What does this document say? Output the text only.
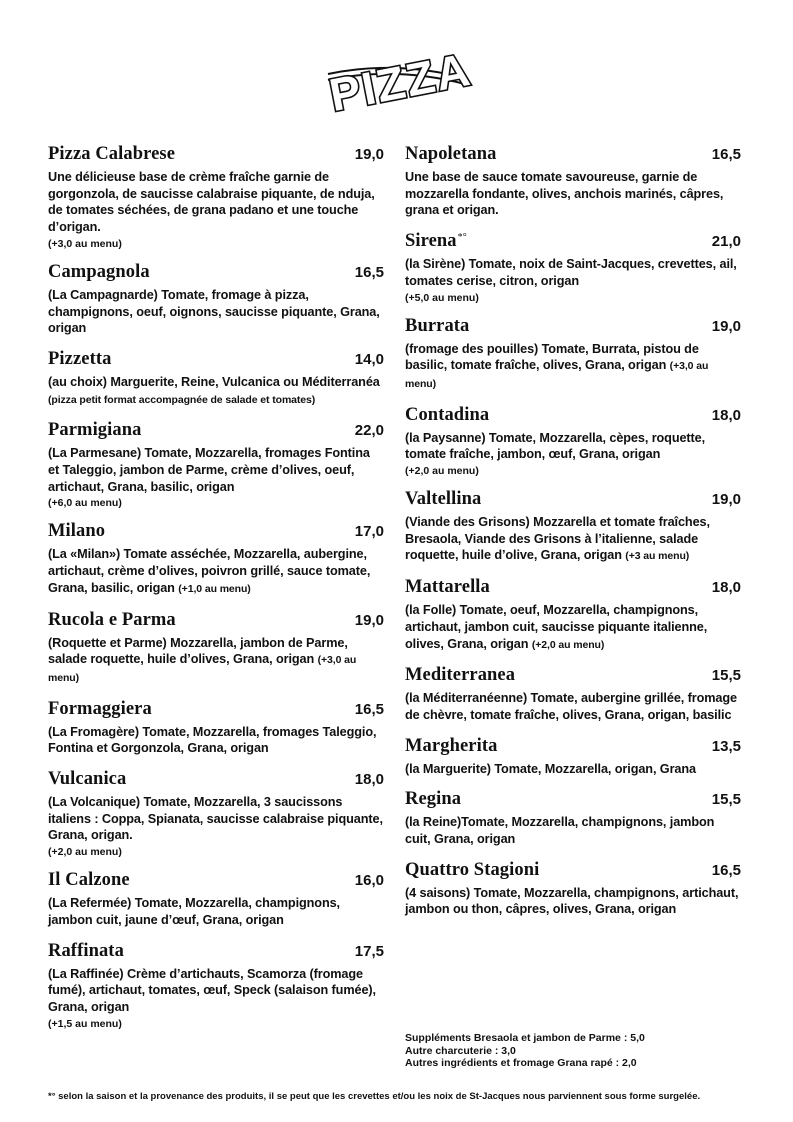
PIZZA
Pizza Calabrese	19,0
Une délicieuse base de crème fraîche garnie de gorgonzola, de saucisse calabraise piquante, de nduja, de tomates séchées, de grana padano et une touche d’origan.
(+3,0 au menu)
Campagnola	16,5
(La Campagnarde) Tomate, fromage à pizza, champignons, oeuf, oignons, saucisse piquante, Grana, origan
Pizzetta	14,0
(au choix) Marguerite, Reine, Vulcanica ou Méditerranéa (pizza petit format accompagnée de salade et tomates)
Parmigiana	22,0
(La Parmesane) Tomate, Mozzarella, fromages Fontina et Taleggio, jambon de Parme, crème d’olives, oeuf, artichaut, Grana, basilic, origan
(+6,0 au menu)
Milano	17,0
(La «Milan») Tomate asséchée, Mozzarella, aubergine, artichaut, crème d’olives, poivron grillé, sauce tomate, Grana, basilic, origan (+1,0 au menu)
Rucola e Parma	19,0
(Roquette et Parme) Mozzarella, jambon de Parme, salade roquette, huile d’olives, Grana, origan (+3,0 au menu)
Formaggiera	16,5
(La Fromagère) Tomate, Mozzarella, fromages Taleggio, Fontina et Gorgonzola, Grana, origan
Vulcanica	18,0
(La Volcanique) Tomate, Mozzarella, 3 saucissons italiens : Coppa, Spianata, saucisse calabraise piquante, Grana, origan.
(+2,0 au menu)
Il Calzone	16,0
(La Refermée) Tomate, Mozzarella, champignons, jambon cuit, jaune d’œuf, Grana, origan
Raffinata	17,5
(La Raffinée) Crème d’artichauts, Scamorza (fromage fumé), artichaut, tomates, œuf, Speck (salaison fumée), Grana, origan
(+1,5 au menu)
Napoletana	16,5
Une base de sauce tomate savoureuse, garnie de mozzarella fondante, olives, anchois marinés, câpres, grana et origan.
Sirena*°	21,0
(la Sirène) Tomate, noix de Saint-Jacques, crevettes, ail, tomates cerise, citron, origan
(+5,0 au menu)
Burrata	19,0
(fromage des pouilles) Tomate, Burrata, pistou de basilic, tomate fraîche, olives, Grana, origan (+3,0 au menu)
Contadina	18,0
(la Paysanne) Tomate, Mozzarella, cèpes, roquette, tomate fraîche, jambon, œuf, Grana, origan
(+2,0 au menu)
Valtellina	19,0
(Viande des Grisons) Mozzarella et tomate fraîches, Bresaola, Viande des Grisons à l’italienne, salade roquette, huile d’olive, Grana, origan (+3 au menu)
Mattarella	18,0
(la Folle) Tomate, oeuf, Mozzarella, champignons, artichaut, jambon cuit, saucisse piquante italienne, olives, Grana, origan (+2,0 au menu)
Mediterranea	15,5
(la Méditerranéenne) Tomate, aubergine grillée, fromage de chèvre, tomate fraîche, olives, Grana, origan, basilic
Margherita	13,5
(la Marguerite) Tomate, Mozzarella, origan, Grana
Regina	15,5
(la Reine)Tomate, Mozzarella, champignons, jambon cuit, Grana, origan
Quattro Stagioni	16,5
(4 saisons) Tomate, Mozzarella, champignons, artichaut, jambon ou thon, câpres, olives, Grana, origan
Suppléments Bresaola et jambon de Parme : 5,0
Autre charcuterie : 3,0
Autres ingrédients et fromage Grana rapé : 2,0
*° selon la saison et la provenance des produits, il se peut que les crevettes et/ou les noix de St-Jacques nous parviennent sous forme surgelée.
